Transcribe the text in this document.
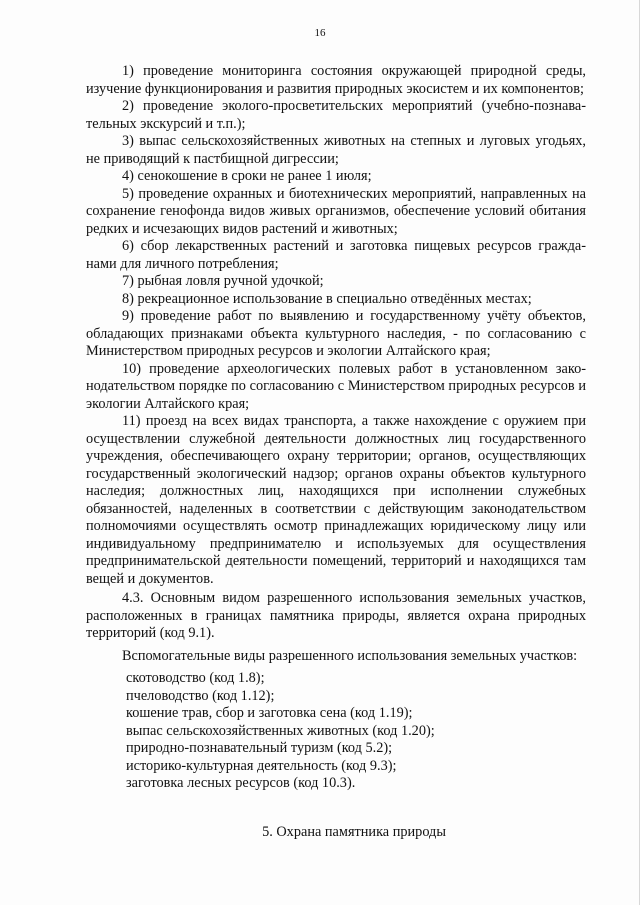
16

1) проведение мониторинга состояния окружающей природной среды, изучение функционирования и развития природных экосистем и их компонентов;

2) проведение эколого-просветительских мероприятий (учебно-познавательных экскурсий и т.п.);

3) выпас сельскохозяйственных животных на степных и луговых угодьях, не приводящий к пастбищной дигрессии;

4) сенокошение в сроки не ранее 1 июля;

5) проведение охранных и биотехнических мероприятий, направленных на сохранение генофонда видов живых организмов, обеспечение условий обитания редких и исчезающих видов растений и животных;

6) сбор лекарственных растений и заготовка пищевых ресурсов гражданами для личного потребления;

7) рыбная ловля ручной удочкой;

8) рекреационное использование в специально отведённых местах;

9) проведение работ по выявлению и государственному учёту объектов, обладающих признаками объекта культурного наследия, - по согласованию с Министерством природных ресурсов и экологии Алтайского края;

10) проведение археологических полевых работ в установленном законодательством порядке по согласованию с Министерством природных ресурсов и экологии Алтайского края;

11) проезд на всех видах транспорта, а также нахождение с оружием при осуществлении служебной деятельности должностных лиц государственного учреждения, обеспечивающего охрану территории; органов, осуществляющих государственный экологический надзор; органов охраны объектов культурного наследия; должностных лиц, находящихся при исполнении служебных обязанностей, наделенных в соответствии с действующим законодательством полномочиями осуществлять осмотр принадлежащих юридическому лицу или индивидуальному предпринимателю и используемых для осуществления предпринимательской деятельности помещений, территорий и находящихся там вещей и документов.

4.3. Основным видом разрешенного использования земельных участков, расположенных в границах памятника природы, является охрана природных территорий (код 9.1).

Вспомогательные виды разрешенного использования земельных участков:

скотоводство (код 1.8);
пчеловодство (код 1.12);
кошение трав, сбор и заготовка сена (код 1.19);
выпас сельскохозяйственных животных (код 1.20);
природно-познавательный туризм (код 5.2);
историко-культурная деятельность (код 9.3);
заготовка лесных ресурсов (код 10.3).

5. Охрана памятника природы
